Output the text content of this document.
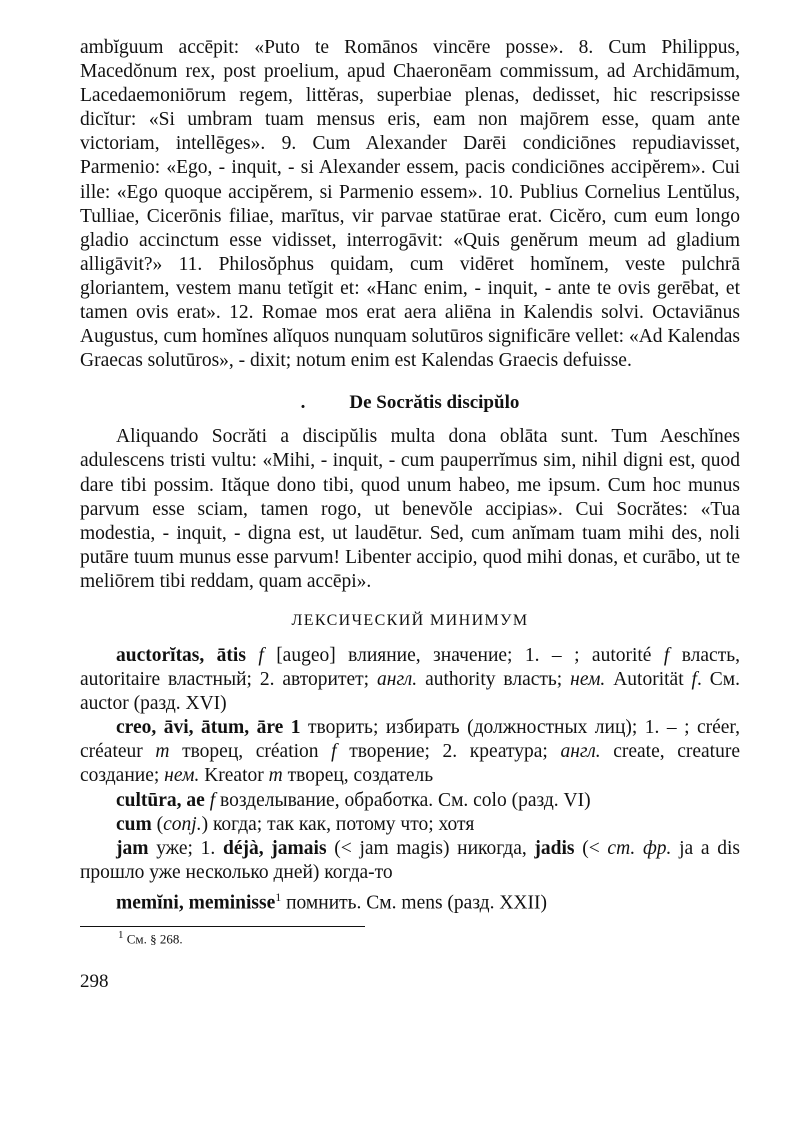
ambĭguum accēpit: «Puto te Romānos vincēre posse». 8. Cum Philippus, Macedŏnum rex, post proelium, apud Chaeronēam commissum, ad Archidāmum, Lacedaemoniōrum regem, littĕras, superbiae plenas, dedisset, hic rescripsisse dicĭtur: «Si umbram tuam mensus eris, eam non majōrem esse, quam ante victoriam, intellēges». 9. Cum Alexander Darēi condiciōnes repudiavisset, Parmenio: «Ego, - inquit, - si Alexander essem, pacis condiciōnes accipĕrem». Cui ille: «Ego quoque accipĕrem, si Parmenio essem». 10. Publius Cornelius Lentŭlus, Tulliae, Cicerōnis filiae, marītus, vir parvae statūrae erat. Cicĕro, cum eum longo gladio accinctum esse vidisset, interrogāvit: «Quis genĕrum meum ad gladium alligāvit?» 11. Philosŏphus quidam, cum vidēret homĭnem, veste pulchrā gloriantem, vestem manu tetĭgit et: «Hanc enim, - inquit, - ante te ovis gerēbat, et tamen ovis erat». 12. Romae mos erat aera aliēna in Kalendis solvi. Octaviānus Augustus, cum homĭnes alĭquos nunquam solutūros significāre vellet: «Ad Kalendas Graecas solutūros», - dixit; notum enim est Kalendas Graecis defuisse.

. De Socrătis discipŭlo

Aliquando Socrăti a discipŭlis multa dona oblāta sunt. Tum Aeschĭnes adulescens tristi vultu: «Mihi, - inquit, - cum pauperrĭmus sim, nihil digni est, quod dare tibi possim. Ităque dono tibi, quod unum habeo, me ipsum. Cum hoc munus parvum esse sciam, tamen rogo, ut benevŏle accipias». Cui Socrătes: «Tua modestia, - inquit, - digna est, ut laudētur. Sed, cum anĭmam tuam mihi des, noli putāre tuum munus esse parvum! Libenter accipio, quod mihi donas, et curābo, ut te meliōrem tibi reddam, quam accēpi».

ЛЕКСИЧЕСКИЙ МИНИМУМ

auctorĭtas, ātis f [augeo] влияние, значение; 1. – ; autorité f власть, autoritaire властный; 2. авторитет; англ. authority власть; нем. Autorität f. См. auctor (разд. XVI)

creo, āvi, ātum, āre 1 творить; избирать (должностных лиц); 1. – ; créer, créateur m творец, création f творение; 2. креатура; англ. create, creature создание; нем. Kreator m творец, создатель

cultūra, ae f возделывание, обработка. См. colo (разд. VI)

cum (conj.) когда; так как, потому что; хотя

jam уже; 1. déjà, jamais (< jam magis) никогда, jadis (< ст. фр. ja a dis прошло уже несколько дней) когда-то

memĭni, meminisse$^1$ помнить. См. mens (разд. XXII)

$^1$ См. § 268.
298
